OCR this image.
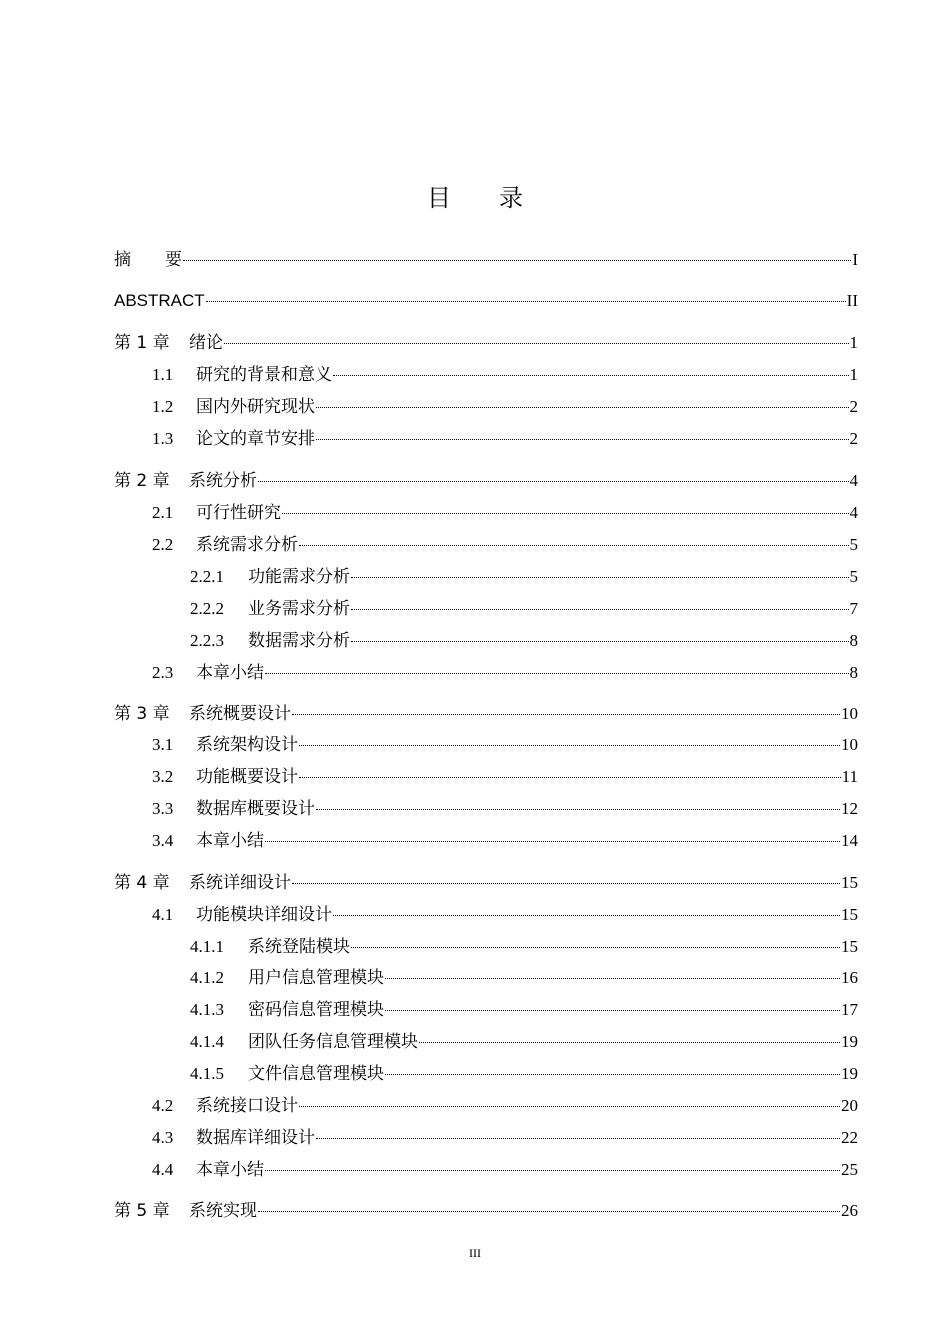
目 录
摘　　要	I
ABSTRACT	II
第 1 章 绪论	1
1.1 研究的背景和意义	1
1.2 国内外研究现状	2
1.3 论文的章节安排	2
第 2 章 系统分析	4
2.1 可行性研究	4
2.2 系统需求分析	5
2.2.1 功能需求分析	5
2.2.2 业务需求分析	7
2.2.3 数据需求分析	8
2.3 本章小结	8
第 3 章 系统概要设计	10
3.1 系统架构设计	10
3.2 功能概要设计	11
3.3 数据库概要设计	12
3.4 本章小结	14
第 4 章 系统详细设计	15
4.1 功能模块详细设计	15
4.1.1 系统登陆模块	15
4.1.2 用户信息管理模块	16
4.1.3 密码信息管理模块	17
4.1.4 团队任务信息管理模块	19
4.1.5 文件信息管理模块	19
4.2 系统接口设计	20
4.3 数据库详细设计	22
4.4 本章小结	25
第 5 章 系统实现	26
III
